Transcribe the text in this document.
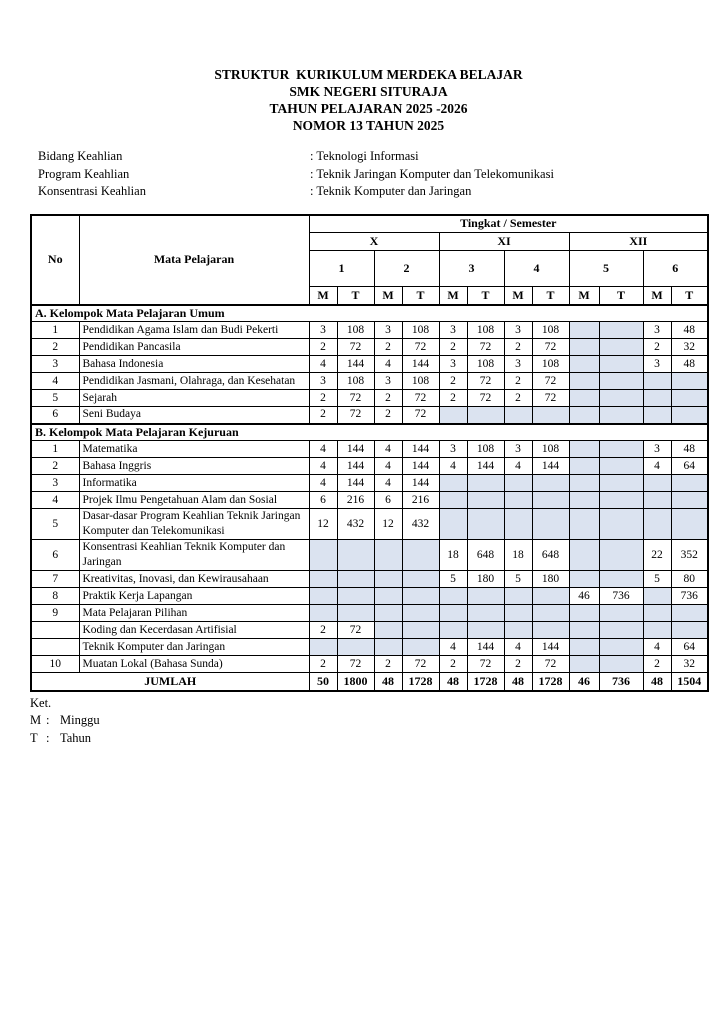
STRUKTUR  KURIKULUM MERDEKA BELAJAR
SMK NEGERI SITURAJA
TAHUN PELAJARAN 2025 -2026
NOMOR 13 TAHUN 2025
Bidang Keahlian	: Teknologi Informasi
Program Keahlian	: Teknik Jaringan Komputer dan Telekomunikasi
Konsentrasi Keahlian	: Teknik Komputer dan Jaringan
No	Mata Pelajaran	Tingkat / Semester											
		X				XI				XII			
		1		2		3		4		5		6	
		M	T	M	T	M	T	M	T	M	T	M	T
A. Kelompok Mata Pelajaran Umum													
1	Pendidikan Agama Islam dan Budi Pekerti	3	108	3	108	3	108	3	108			3	48
2	Pendidikan Pancasila	2	72	2	72	2	72	2	72			2	32
3	Bahasa Indonesia	4	144	4	144	3	108	3	108			3	48
4	Pendidikan Jasmani, Olahraga, dan Kesehatan	3	108	3	108	2	72	2	72				
5	Sejarah	2	72	2	72	2	72	2	72				
6	Seni Budaya	2	72	2	72								
B. Kelompok Mata Pelajaran Kejuruan													
1	Matematika	4	144	4	144	3	108	3	108			3	48
2	Bahasa Inggris	4	144	4	144	4	144	4	144			4	64
3	Informatika	4	144	4	144								
4	Projek Ilmu Pengetahuan Alam dan Sosial	6	216	6	216								
5	Dasar-dasar Program Keahlian Teknik Jaringan Komputer dan Telekomunikasi	12	432	12	432								
6	Konsentrasi Keahlian Teknik Komputer dan Jaringan					18	648	18	648			22	352
7	Kreativitas, Inovasi, dan Kewirausahaan					5	180	5	180			5	80
8	Praktik Kerja Lapangan									46	736		736
9	Mata Pelajaran Pilihan												
	Koding dan Kecerdasan Artifisial	2	72										
	Teknik Komputer dan Jaringan					4	144	4	144			4	64
10	Muatan Lokal (Bahasa Sunda)	2	72	2	72	2	72	2	72			2	32
JUMLAH		50	1800	48	1728	48	1728	48	1728	46	736	48	1504
Ket.
M : Minggu
T : Tahun
